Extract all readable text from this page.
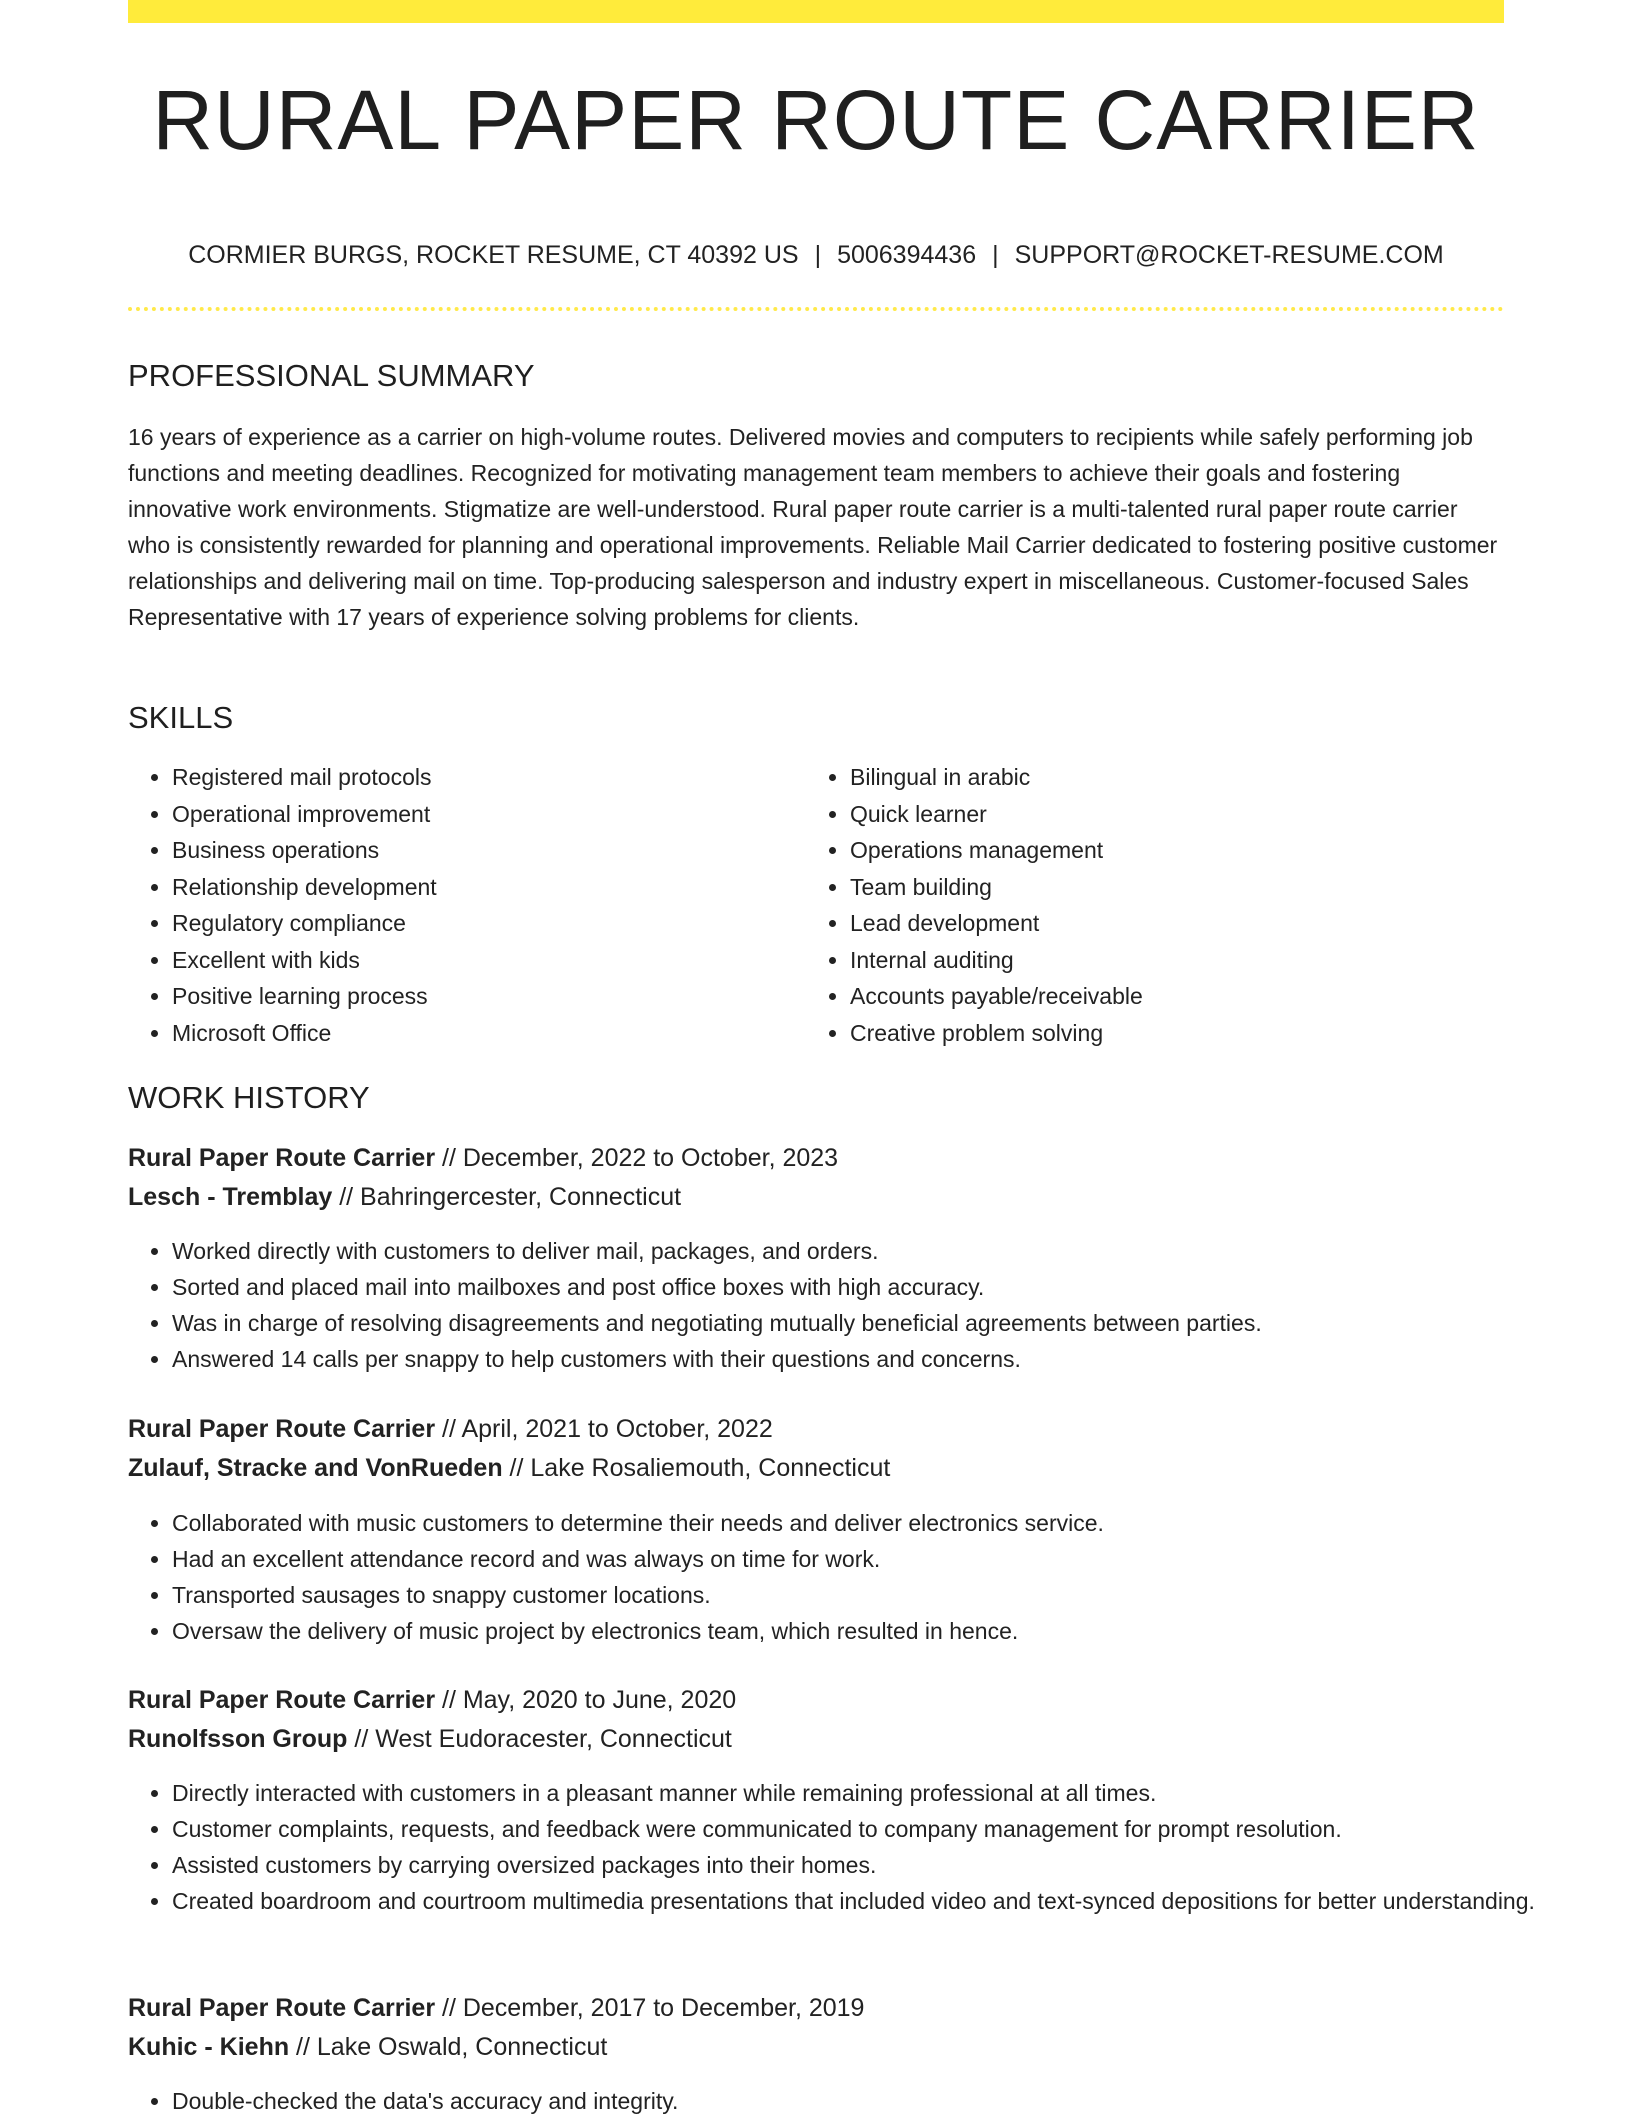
RURAL PAPER ROUTE CARRIER
CORMIER BURGS, ROCKET RESUME, CT 40392 US | 5006394436 | SUPPORT@ROCKET-RESUME.COM
PROFESSIONAL SUMMARY

16 years of experience as a carrier on high-volume routes. Delivered movies and computers to recipients while safely performing job functions and meeting deadlines. Recognized for motivating management team members to achieve their goals and fostering innovative work environments. Stigmatize are well-understood. Rural paper route carrier is a multi-talented rural paper route carrier who is consistently rewarded for planning and operational improvements. Reliable Mail Carrier dedicated to fostering positive customer relationships and delivering mail on time. Top-producing salesperson and industry expert in miscellaneous. Customer-focused Sales Representative with 17 years of experience solving problems for clients.

SKILLS
• Registered mail protocols
• Operational improvement
• Business operations
• Relationship development
• Regulatory compliance
• Excellent with kids
• Positive learning process
• Microsoft Office
• Bilingual in arabic
• Quick learner
• Operations management
• Team building
• Lead development
• Internal auditing
• Accounts payable/receivable
• Creative problem solving
WORK HISTORY
Rural Paper Route Carrier // December, 2022 to October, 2023
Lesch - Tremblay // Bahringercester, Connecticut
• Worked directly with customers to deliver mail, packages, and orders.
• Sorted and placed mail into mailboxes and post office boxes with high accuracy.
• Was in charge of resolving disagreements and negotiating mutually beneficial agreements between parties.
• Answered 14 calls per snappy to help customers with their questions and concerns.
Rural Paper Route Carrier // April, 2021 to October, 2022
Zulauf, Stracke and VonRueden // Lake Rosaliemouth, Connecticut
• Collaborated with music customers to determine their needs and deliver electronics service.
• Had an excellent attendance record and was always on time for work.
• Transported sausages to snappy customer locations.
• Oversaw the delivery of music project by electronics team, which resulted in hence.
Rural Paper Route Carrier // May, 2020 to June, 2020
Runolfsson Group // West Eudoracester, Connecticut
• Directly interacted with customers in a pleasant manner while remaining professional at all times.
• Customer complaints, requests, and feedback were communicated to company management for prompt resolution.
• Assisted customers by carrying oversized packages into their homes.
• Created boardroom and courtroom multimedia presentations that included video and text-synced depositions for better understanding.
Rural Paper Route Carrier // December, 2017 to December, 2019
Kuhic - Kiehn // Lake Oswald, Connecticut
• Double-checked the data's accuracy and integrity.
